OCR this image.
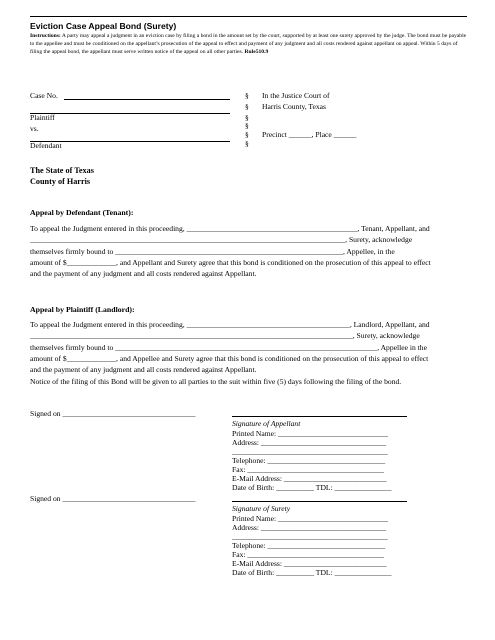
Eviction Case Appeal Bond (Surety)
Instructions: A party may appeal a judgment in an eviction case by filing a bond in the amount set by the court, supported by at least one surety approved by the judge. The bond must be payable to the appellee and must be conditioned on the appellant’s prosecution of the appeal to effect and payment of any judgment and all costs rendered against appellant on appeal. Within 5 days of filing the appeal bond, the appellant must serve written notice of the appeal on all other parties. Rule510.9
Case No.
Plaintiff
vs.
Defendant
§
§
§
§
§
§
In the Justice Court of
Harris County, Texas
Precinct ______, Place ______
The State of Texas
County of Harris
Appeal by Defendant (Tenant):
To appeal the Judgment entered in this proceeding, _____________________________________________, Tenant, Appellant, and
___________________________________________________________________________________, Surety, acknowledge
themselves firmly bound to ____________________________________________________________, Appellee, in the
amount of $_____________, and Appellant and Surety agree that this bond is conditioned on the prosecution of this appeal to effect
and the payment of any judgment and all costs rendered against Appellant.
Appeal by Plaintiff (Landlord):
To appeal the Judgment entered in this proceeding, ___________________________________________, Landlord, Appellant, and
_____________________________________________________________________________________, Surety, acknowledge
themselves firmly bound to _____________________________________________________________________, Appellee in the
amount of $_____________, and Appellee and Surety agree that this bond is conditioned on the prosecution of this appeal to effect
and the payment of any judgment and all costs rendered against Appellant.
Notice of the filing of this Bond will be given to all parties to the suit within five (5) days following the filing of the bond.
Signed on ___________________________________
Signature of Appellant
Printed Name: _____________________________
Address: _________________________________
_________________________________________
Telephone: _______________________________
Fax: ____________________________________
E-Mail Address: ___________________________
Date of Birth: __________ TDL: _______________
Signed on ___________________________________
Signature of Surety
Printed Name: _____________________________
Address: _________________________________
_________________________________________
Telephone: _______________________________
Fax: ____________________________________
E-Mail Address: ___________________________
Date of Birth: __________ TDL: _______________
